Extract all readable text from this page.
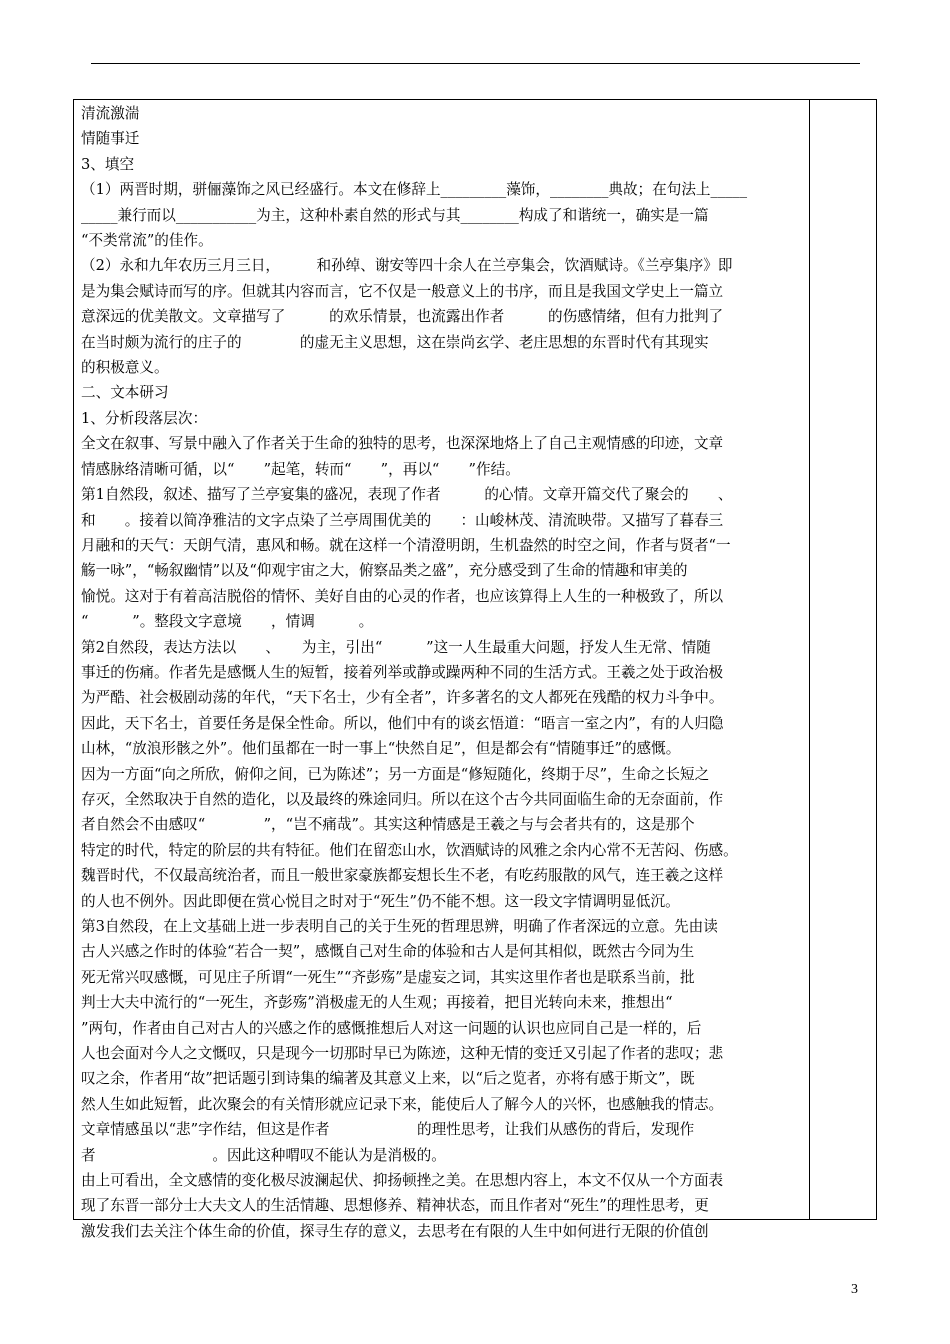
清流激湍

情随事迁

3、填空

（1）两晋时期，骈俪藻饰之风已经盛行。本文在修辞上_________藻饰，________典故；在句法上_____

_____兼行而以___________为主，这种朴素自然的形式与其________构成了和谐统一，确实是一篇

“不类常流”的佳作。

（2）永和九年农历三月三日，　　　和孙绰、谢安等四十余人在兰亭集会，饮酒赋诗。《兰亭集序》即

是为集会赋诗而写的序。但就其内容而言，它不仅是一般意义上的书序，而且是我国文学史上一篇立

意深远的优美散文。文章描写了　　　的欢乐情景，也流露出作者　　　的伤感情绪，但有力批判了

在当时颇为流行的庄子的　　　　的虚无主义思想，这在崇尚玄学、老庄思想的东晋时代有其现实

的积极意义。

二、文本研习

1、分析段落层次：

全文在叙事、写景中融入了作者关于生命的独特的思考，也深深地烙上了自己主观情感的印迹，文章

情感脉络清晰可循，以“　　”起笔，转而“　　”，再以“　　”作结。

第1自然段，叙述、描写了兰亭宴集的盛况，表现了作者　　　的心情。文章开篇交代了聚会的　　、

和　　。接着以简净雅洁的文字点染了兰亭周围优美的　　：山峻林茂、清流映带。又描写了暮春三

月融和的天气：天朗气清，惠风和畅。就在这样一个清澄明朗，生机盎然的时空之间，作者与贤者“一

觞一咏”，“畅叙幽情”以及“仰观宇宙之大，俯察品类之盛”，充分感受到了生命的情趣和审美的

愉悦。这对于有着高洁脱俗的情怀、美好自由的心灵的作者，也应该算得上人生的一种极致了，所以

“　　　”。整段文字意境　　，情调　　　。

第2自然段，表达方法以　　、　　为主，引出“　　　”这一人生最重大问题，抒发人生无常、情随

事迁的伤痛。作者先是感慨人生的短暂，接着列举或静或躁两种不同的生活方式。王羲之处于政治极

为严酷、社会极剧动荡的年代，“天下名士，少有全者”，许多著名的文人都死在残酷的权力斗争中。

因此，天下名士，首要任务是保全性命。所以，他们中有的谈玄悟道：“晤言一室之内”，有的人归隐

山林，“放浪形骸之外”。他们虽都在一时一事上“快然自足”，但是都会有“情随事迁”的感慨。

因为一方面“向之所欣，俯仰之间，已为陈述”；另一方面是“修短随化，终期于尽”，生命之长短之

存灭，全然取决于自然的造化，以及最终的殊途同归。所以在这个古今共同面临生命的无奈面前，作

者自然会不由感叹“　　　　”，“岂不痛哉”。其实这种情感是王羲之与与会者共有的，这是那个

特定的时代，特定的阶层的共有特征。他们在留恋山水，饮酒赋诗的风雅之余内心常不无苦闷、伤感。

魏晋时代，不仅最高统治者，而且一般世家豪族都妄想长生不老，有吃药服散的风气，连王羲之这样

的人也不例外。因此即便在赏心悦目之时对于“死生”仍不能不想。这一段文字情调明显低沉。

第3自然段，在上文基础上进一步表明自己的关于生死的哲理思辨，明确了作者深远的立意。先由读

古人兴感之作时的体验“若合一契”，感慨自己对生命的体验和古人是何其相似，既然古今同为生

死无常兴叹感慨，可见庄子所谓“一死生”“齐彭殇”是虚妄之词，其实这里作者也是联系当前，批

判士大夫中流行的“一死生，齐彭殇”消极虚无的人生观；再接着，把目光转向未来，推想出“

”两句，作者由自己对古人的兴感之作的感慨推想后人对这一问题的认识也应同自己是一样的，后

人也会面对今人之文慨叹，只是现今一切那时早已为陈迹，这种无情的变迁又引起了作者的悲叹；悲

叹之余，作者用“故”把话题引到诗集的编著及其意义上来，以“后之览者，亦将有感于斯文”，既

然人生如此短暂，此次聚会的有关情形就应记录下来，能使后人了解今人的兴怀，也感触我的情志。

文章情感虽以“悲”字作结，但这是作者　　　　　　的理性思考，让我们从感伤的背后，发现作

者　　　　　　　　。因此这种喟叹不能认为是消极的。

由上可看出，全文感情的变化极尽波澜起伏、抑扬顿挫之美。在思想内容上，本文不仅从一个方面表

现了东晋一部分士大夫文人的生活情趣、思想修养、精神状态，而且作者对“死生”的理性思考，更

激发我们去关注个体生命的价值，探寻生存的意义，去思考在有限的人生中如何进行无限的价值创

3
